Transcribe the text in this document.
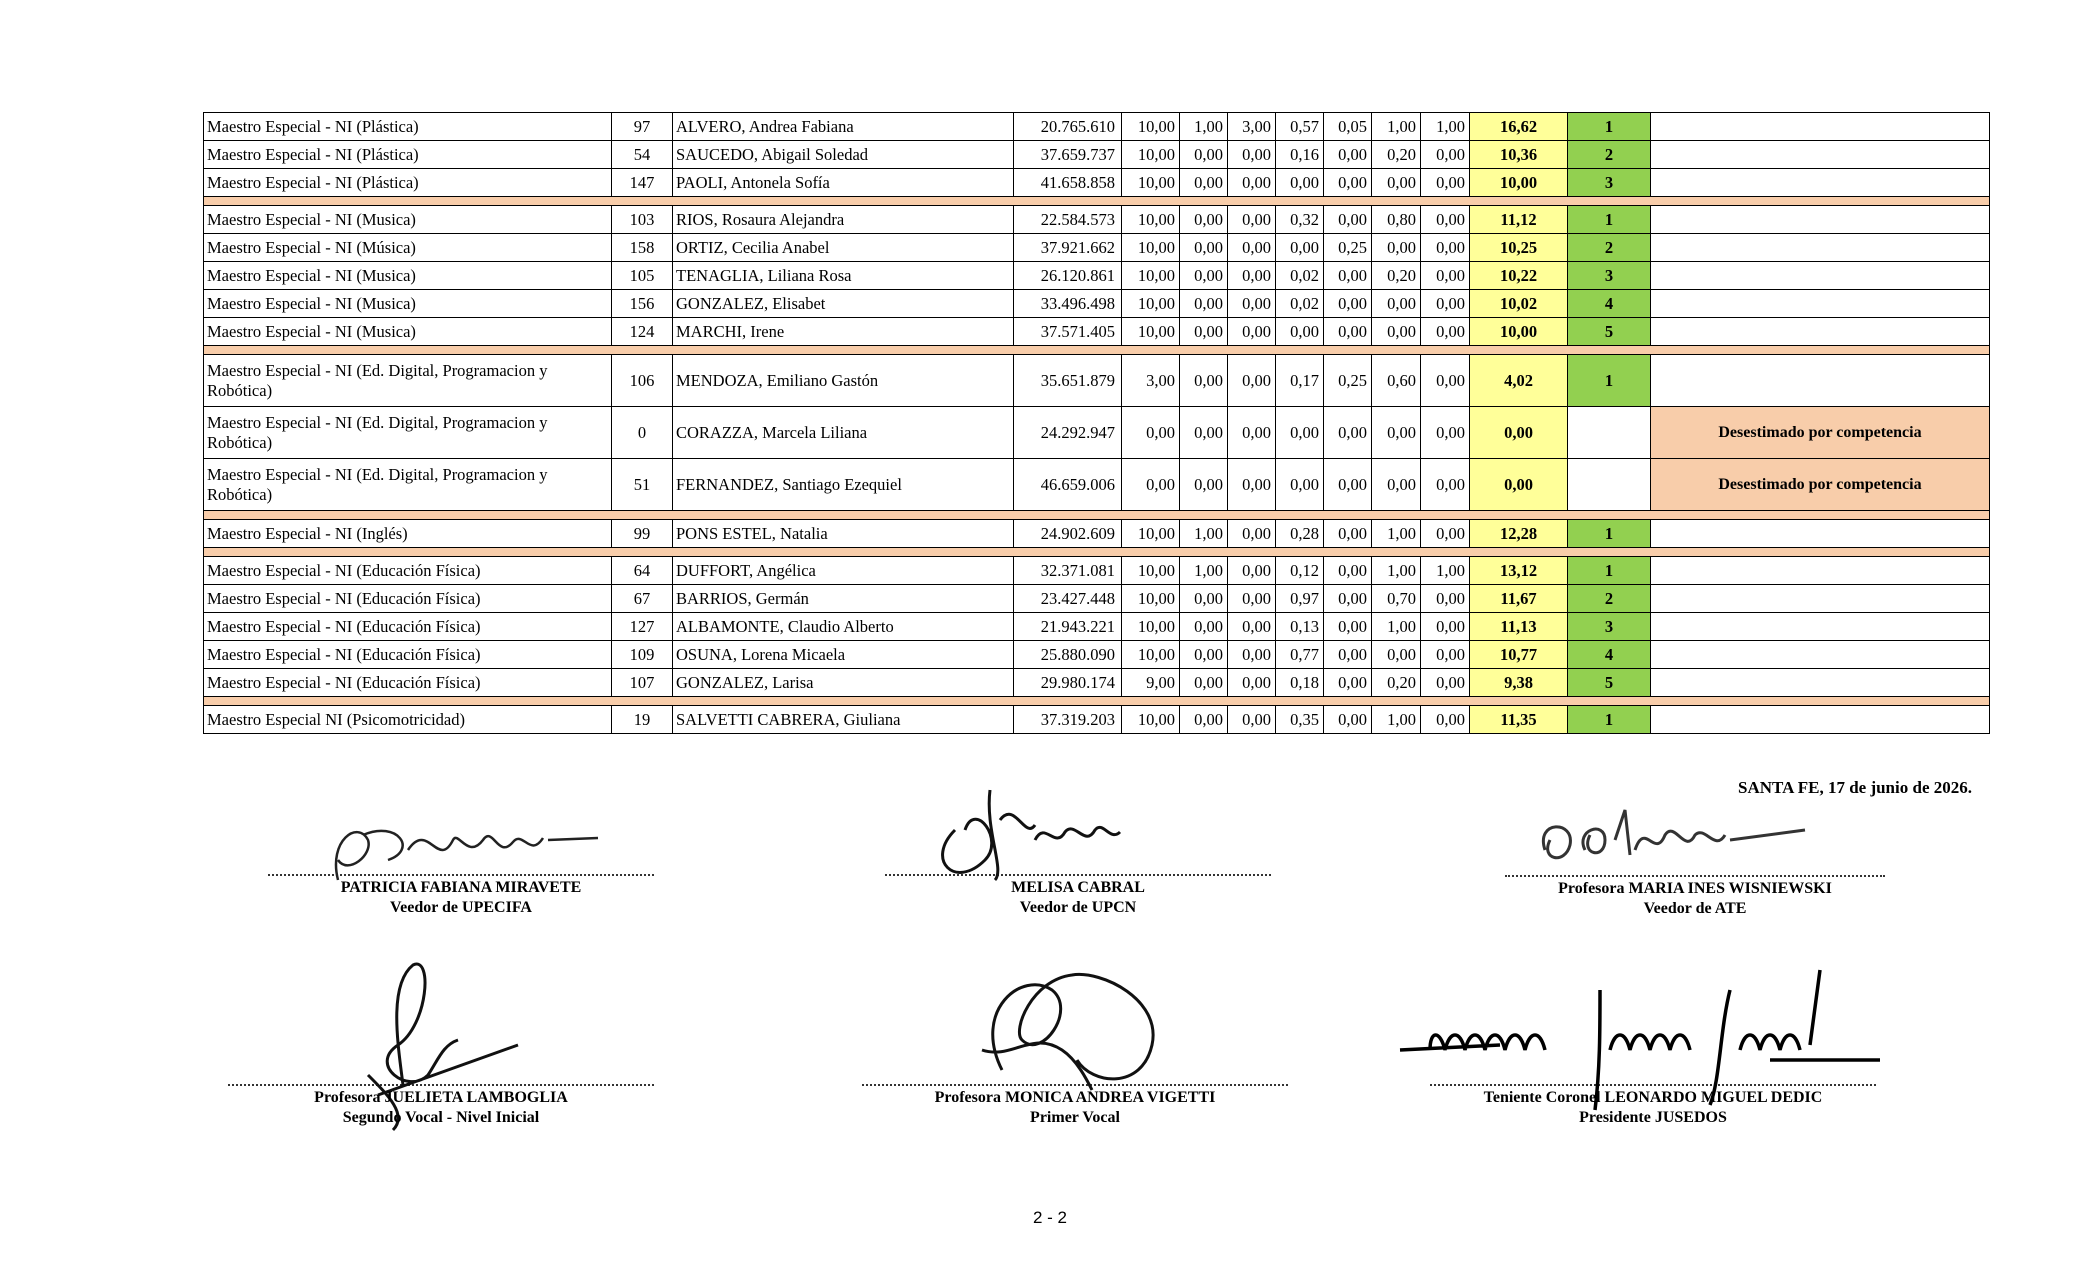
Maestro Especial - NI (Plástica)	97	ALVERO, Andrea Fabiana	20.765.610	10,00	1,00	3,00	0,57	0,05	1,00	1,00	16,62	1	
Maestro Especial - NI (Plástica)	54	SAUCEDO, Abigail Soledad	37.659.737	10,00	0,00	0,00	0,16	0,00	0,20	0,00	10,36	2	
Maestro Especial - NI (Plástica)	147	PAOLI, Antonela Sofía	41.658.858	10,00	0,00	0,00	0,00	0,00	0,00	0,00	10,00	3	

Maestro Especial - NI (Musica)	103	RIOS, Rosaura Alejandra	22.584.573	10,00	0,00	0,00	0,32	0,00	0,80	0,00	11,12	1	
Maestro Especial - NI (Música)	158	ORTIZ, Cecilia Anabel	37.921.662	10,00	0,00	0,00	0,00	0,25	0,00	0,00	10,25	2	
Maestro Especial - NI (Musica)	105	TENAGLIA, Liliana Rosa	26.120.861	10,00	0,00	0,00	0,02	0,00	0,20	0,00	10,22	3	
Maestro Especial - NI (Musica)	156	GONZALEZ, Elisabet	33.496.498	10,00	0,00	0,00	0,02	0,00	0,00	0,00	10,02	4	
Maestro Especial - NI (Musica)	124	MARCHI, Irene	37.571.405	10,00	0,00	0,00	0,00	0,00	0,00	0,00	10,00	5	

Maestro Especial - NI (Ed. Digital, Programacion y Robótica)	106	MENDOZA, Emiliano Gastón	35.651.879	3,00	0,00	0,00	0,17	0,25	0,60	0,00	4,02	1	
Maestro Especial - NI (Ed. Digital, Programacion y Robótica)	0	CORAZZA, Marcela Liliana	24.292.947	0,00	0,00	0,00	0,00	0,00	0,00	0,00	0,00		Desestimado por competencia
Maestro Especial - NI (Ed. Digital, Programacion y Robótica)	51	FERNANDEZ, Santiago Ezequiel	46.659.006	0,00	0,00	0,00	0,00	0,00	0,00	0,00	0,00		Desestimado por competencia

Maestro Especial - NI (Inglés)	99	PONS ESTEL, Natalia	24.902.609	10,00	1,00	0,00	0,28	0,00	1,00	0,00	12,28	1	

Maestro Especial - NI (Educación Física)	64	DUFFORT, Angélica	32.371.081	10,00	1,00	0,00	0,12	0,00	1,00	1,00	13,12	1	
Maestro Especial - NI (Educación Física)	67	BARRIOS, Germán	23.427.448	10,00	0,00	0,00	0,97	0,00	0,70	0,00	11,67	2	
Maestro Especial - NI (Educación Física)	127	ALBAMONTE, Claudio Alberto	21.943.221	10,00	0,00	0,00	0,13	0,00	1,00	0,00	11,13	3	
Maestro Especial - NI (Educación Física)	109	OSUNA, Lorena Micaela	25.880.090	10,00	0,00	0,00	0,77	0,00	0,00	0,00	10,77	4	
Maestro Especial - NI (Educación Física)	107	GONZALEZ, Larisa	29.980.174	9,00	0,00	0,00	0,18	0,00	0,20	0,00	9,38	5	

Maestro Especial NI (Psicomotricidad)	19	SALVETTI CABRERA, Giuliana	37.319.203	10,00	0,00	0,00	0,35	0,00	1,00	0,00	11,35	1	
SANTA FE, 17 de junio de 2026.
PATRICIA FABIANA MIRAVETE
Veedor de UPECIFA
MELISA CABRAL
Veedor de UPCN
Profesora MARIA INES WISNIEWSKI
Veedor de ATE
Profesora JUELIETA LAMBOGLIA
Segundo Vocal - Nivel Inicial
Profesora MONICA ANDREA VIGETTI
Primer Vocal
Teniente Coronel LEONARDO MIGUEL DEDIC
Presidente JUSEDOS
2 - 2
